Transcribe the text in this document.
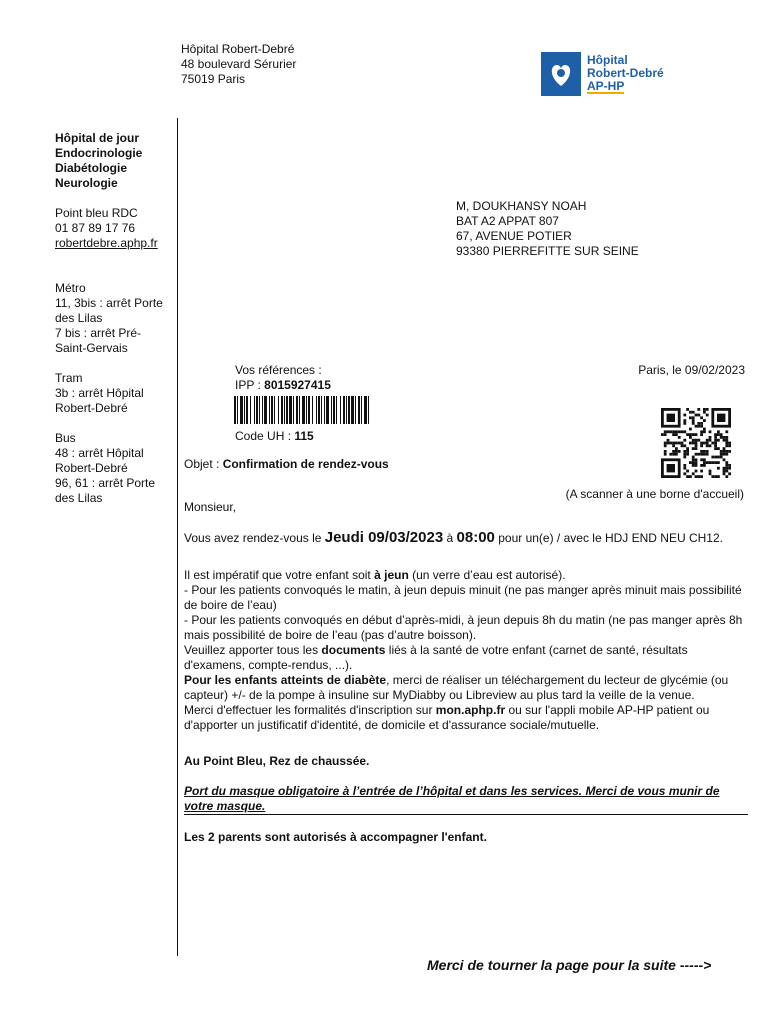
Hôpital Robert-Debré
48 boulevard Sérurier
75019 Paris
Hôpital
Robert-Debré
AP-HP
Hôpital de jour
Endocrinologie
Diabétologie
Neurologie
Point bleu RDC
01 87 89 17 76
robertdebre.aphp.fr
Métro
11, 3bis : arrêt Porte
des Lilas
7 bis : arrêt Pré-
Saint-Gervais
Tram
3b : arrêt Hôpital
Robert-Debré
Bus
48 : arrêt Hôpital
Robert-Debré
96, 61 : arrêt Porte
des Lilas
M, DOUKHANSY NOAH
BAT A2 APPAT 807
67, AVENUE POTIER
93380 PIERREFITTE SUR SEINE
Vos références :
IPP : 8015927415
Code UH : 115
Paris, le 09/02/2023
(A scanner à une borne d'accueil)
Objet : Confirmation de rendez-vous
Monsieur,
Vous avez rendez-vous le Jeudi 09/03/2023 à 08:00 pour un(e) / avec le HDJ END NEU CH12.
Il est impératif que votre enfant soit à jeun (un verre d’eau est autorisé).
- Pour les patients convoqués le matin, à jeun depuis minuit (ne pas manger après minuit mais possibilité de boire de l’eau)
- Pour les patients convoqués en début d’après-midi, à jeun depuis 8h du matin (ne pas manger après 8h mais possibilité de boire de l’eau (pas d’autre boisson).
Veuillez apporter tous les documents liés à la santé de votre enfant (carnet de santé, résultats d'examens, compte-rendus, ...).
Pour les enfants atteints de diabète, merci de réaliser un téléchargement du lecteur de glycémie (ou capteur) +/- de la pompe à insuline sur MyDiabby ou Libreview au plus tard la veille de la venue.
Merci d'effectuer les formalités d'inscription sur mon.aphp.fr ou sur l'appli mobile AP-HP patient ou d'apporter un justificatif d'identité, de domicile et d'assurance sociale/mutuelle.
Au Point Bleu, Rez de chaussée.
Port du masque obligatoire à l’entrée de l’hôpital et dans les services. Merci de vous munir de votre masque.
Les 2 parents sont autorisés à accompagner l'enfant.
Merci de tourner la page pour la suite ----->
